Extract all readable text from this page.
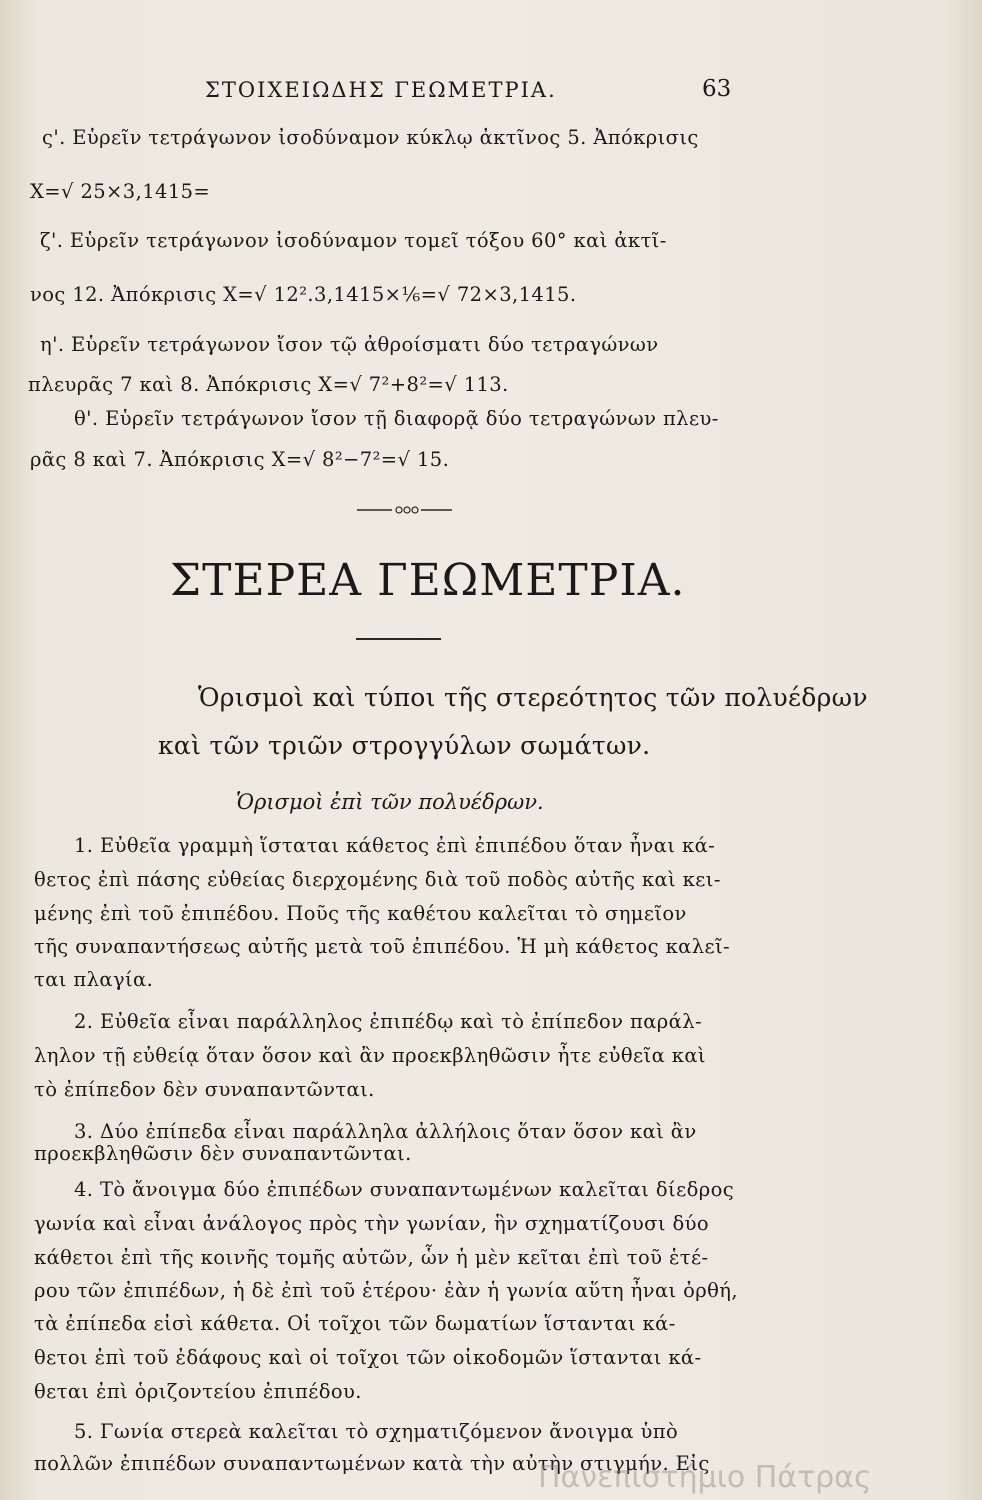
ΣΤΟΙΧΕΙΩΔΗΣ ΓΕΩΜΕΤΡΙΑ.	63
ς'. Εὑρεῖν τετράγωνον ἰσοδύναμον κύκλῳ ἀκτῖνος 5. Ἀπόκρισις
X=√ 25×3,1415=
ζ'. Εὑρεῖν τετράγωνον ἰσοδύναμον τομεῖ τόξου 60° καὶ ἀκτῖ-
νος 12. Ἀπόκρισις X=√ 12².3,1415×⅙=√ 72×3,1415.
η'. Εὑρεῖν τετράγωνον ἴσον τῷ ἀθροίσματι δύο τετραγώνων
πλευρᾶς 7 καὶ 8. Ἀπόκρισις X=√ 7²+8²=√ 113.
θ'. Εὑρεῖν τετράγωνον ἴσον τῇ διαφορᾷ δύο τετραγώνων πλευ-
ρᾶς 8 καὶ 7. Ἀπόκρισις X=√ 8²−7²=√ 15.
ΣΤΕΡΕΑ ΓΕΩΜΕΤΡΙΑ.
Ὁρισμοὶ καὶ τύποι τῆς στερεότητος τῶν πολυέδρων
καὶ τῶν τριῶν στρογγύλων σωμάτων.
Ὁρισμοὶ ἐπὶ τῶν πολυέδρων.
1. Εὐθεῖα γραμμὴ ἵσταται κάθετος ἐπὶ ἐπιπέδου ὅταν ἦναι κά-
θετος ἐπὶ πάσης εὐθείας διερχομένης διὰ τοῦ ποδὸς αὐτῆς καὶ κει-
μένης ἐπὶ τοῦ ἐπιπέδου. Ποῦς τῆς καθέτου καλεῖται τὸ σημεῖον
τῆς συναπαντήσεως αὐτῆς μετὰ τοῦ ἐπιπέδου. Ἡ μὴ κάθετος καλεῖ-
ται πλαγία.
2. Εὐθεῖα εἶναι παράλληλος ἐπιπέδῳ καὶ τὸ ἐπίπεδον παράλ-
ληλον τῇ εὐθείᾳ ὅταν ὅσον καὶ ἂν προεκβληθῶσιν ἦτε εὐθεῖα καὶ
τὸ ἐπίπεδον δὲν συναπαντῶνται.
3. Δύο ἐπίπεδα εἶναι παράλληλα ἀλλήλοις ὅταν ὅσον καὶ ἂν
προεκβληθῶσιν δὲν συναπαντῶνται.
4. Τὸ ἄνοιγμα δύο ἐπιπέδων συναπαντωμένων καλεῖται δίεδρος
γωνία καὶ εἶναι ἀνάλογος πρὸς τὴν γωνίαν, ἣν σχηματίζουσι δύο
κάθετοι ἐπὶ τῆς κοινῆς τομῆς αὐτῶν, ὧν ἡ μὲν κεῖται ἐπὶ τοῦ ἑτέ-
ρου τῶν ἐπιπέδων, ἡ δὲ ἐπὶ τοῦ ἑτέρου· ἐὰν ἡ γωνία αὕτη ἦναι ὀρθή,
τὰ ἐπίπεδα εἰσὶ κάθετα. Οἱ τοῖχοι τῶν δωματίων ἵστανται κά-
θετοι ἐπὶ τοῦ ἐδάφους καὶ οἱ τοῖχοι τῶν οἰκοδομῶν ἵστανται κά-
θεται ἐπὶ ὁριζοντείου ἐπιπέδου.
5. Γωνία στερεὰ καλεῖται τὸ σχηματιζόμενον ἄνοιγμα ὑπὸ
πολλῶν ἐπιπέδων συναπαντωμένων κατὰ τὴν αὐτὴν στιγμήν. Εἰς
Πανεπιστήμιο Πάτρας
